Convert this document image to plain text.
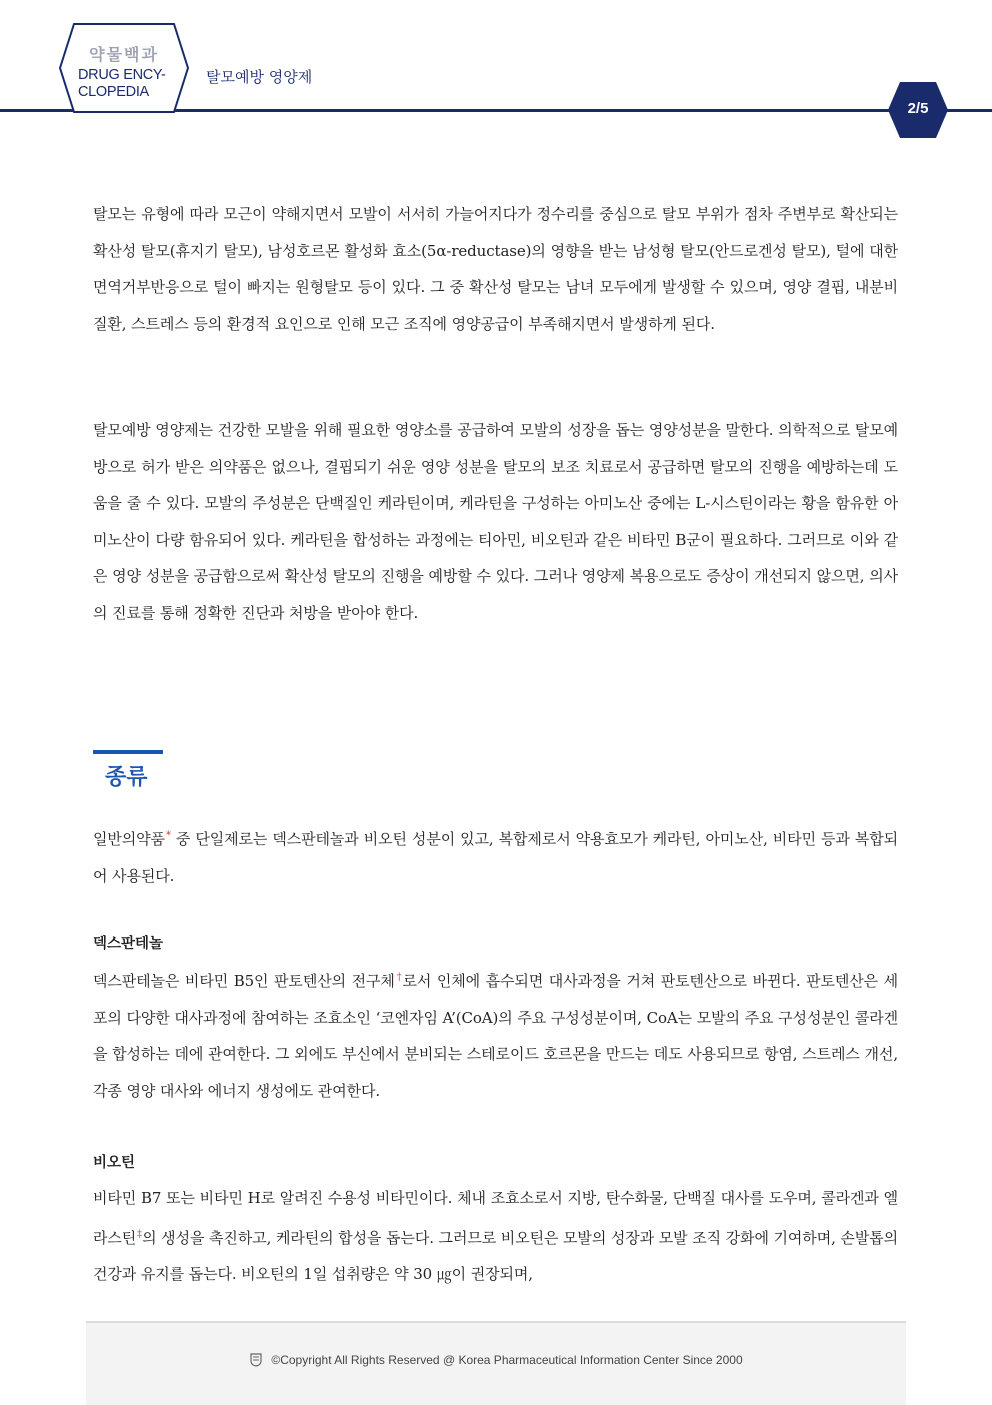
약물백과
DRUG ENCY-
CLOPEDIA
탈모예방 영양제
2/5

탈모는 유형에 따라 모근이 약해지면서 모발이 서서히 가늘어지다가 정수리를 중심으로 탈모 부위가 점차 주변부로 확산되는 확산성 탈모(휴지기 탈모), 남성호르몬 활성화 효소(5α-reductase)의 영향을 받는 남성형 탈모(안드로겐성 탈모), 털에 대한 면역거부반응으로 털이 빠지는 원형탈모 등이 있다. 그 중 확산성 탈모는 남녀 모두에게 발생할 수 있으며, 영양 결핍, 내분비질환, 스트레스 등의 환경적 요인으로 인해 모근 조직에 영양공급이 부족해지면서 발생하게 된다.

탈모예방 영양제는 건강한 모발을 위해 필요한 영양소를 공급하여 모발의 성장을 돕는 영양성분을 말한다. 의학적으로 탈모예방으로 허가 받은 의약품은 없으나, 결핍되기 쉬운 영양 성분을 탈모의 보조 치료로서 공급하면 탈모의 진행을 예방하는데 도움을 줄 수 있다. 모발의 주성분은 단백질인 케라틴이며, 케라틴을 구성하는 아미노산 중에는 L-시스틴이라는 황을 함유한 아미노산이 다량 함유되어 있다. 케라틴을 합성하는 과정에는 티아민, 비오틴과 같은 비타민 B군이 필요하다. 그러므로 이와 같은 영양 성분을 공급함으로써 확산성 탈모의 진행을 예방할 수 있다. 그러나 영양제 복용으로도 증상이 개선되지 않으면, 의사의 진료를 통해 정확한 진단과 처방을 받아야 한다.

종류

일반의약품* 중 단일제로는 덱스판테놀과 비오틴 성분이 있고, 복합제로서 약용효모가 케라틴, 아미노산, 비타민 등과 복합되어 사용된다.

덱스판테놀

덱스판테놀은 비타민 B5인 판토텐산의 전구체†로서 인체에 흡수되면 대사과정을 거쳐 판토텐산으로 바뀐다. 판토텐산은 세포의 다양한 대사과정에 참여하는 조효소인 ‘코엔자임 A’(CoA)의 주요 구성성분이며, CoA는 모발의 주요 구성성분인 콜라겐을 합성하는 데에 관여한다. 그 외에도 부신에서 분비되는 스테로이드 호르몬을 만드는 데도 사용되므로 항염, 스트레스 개선, 각종 영양 대사와 에너지 생성에도 관여한다.

비오틴

비타민 B7 또는 비타민 H로 알려진 수용성 비타민이다. 체내 조효소로서 지방, 탄수화물, 단백질 대사를 도우며, 콜라겐과 엘라스틴‡의 생성을 촉진하고, 케라틴의 합성을 돕는다. 그러므로 비오틴은 모발의 성장과 모발 조직 강화에 기여하며, 손발톱의 건강과 유지를 돕는다. 비오틴의 1일 섭취량은 약 30 ㎍이 권장되며,

©Copyright All Rights Reserved @ Korea Pharmaceutical Information Center Since 2000
